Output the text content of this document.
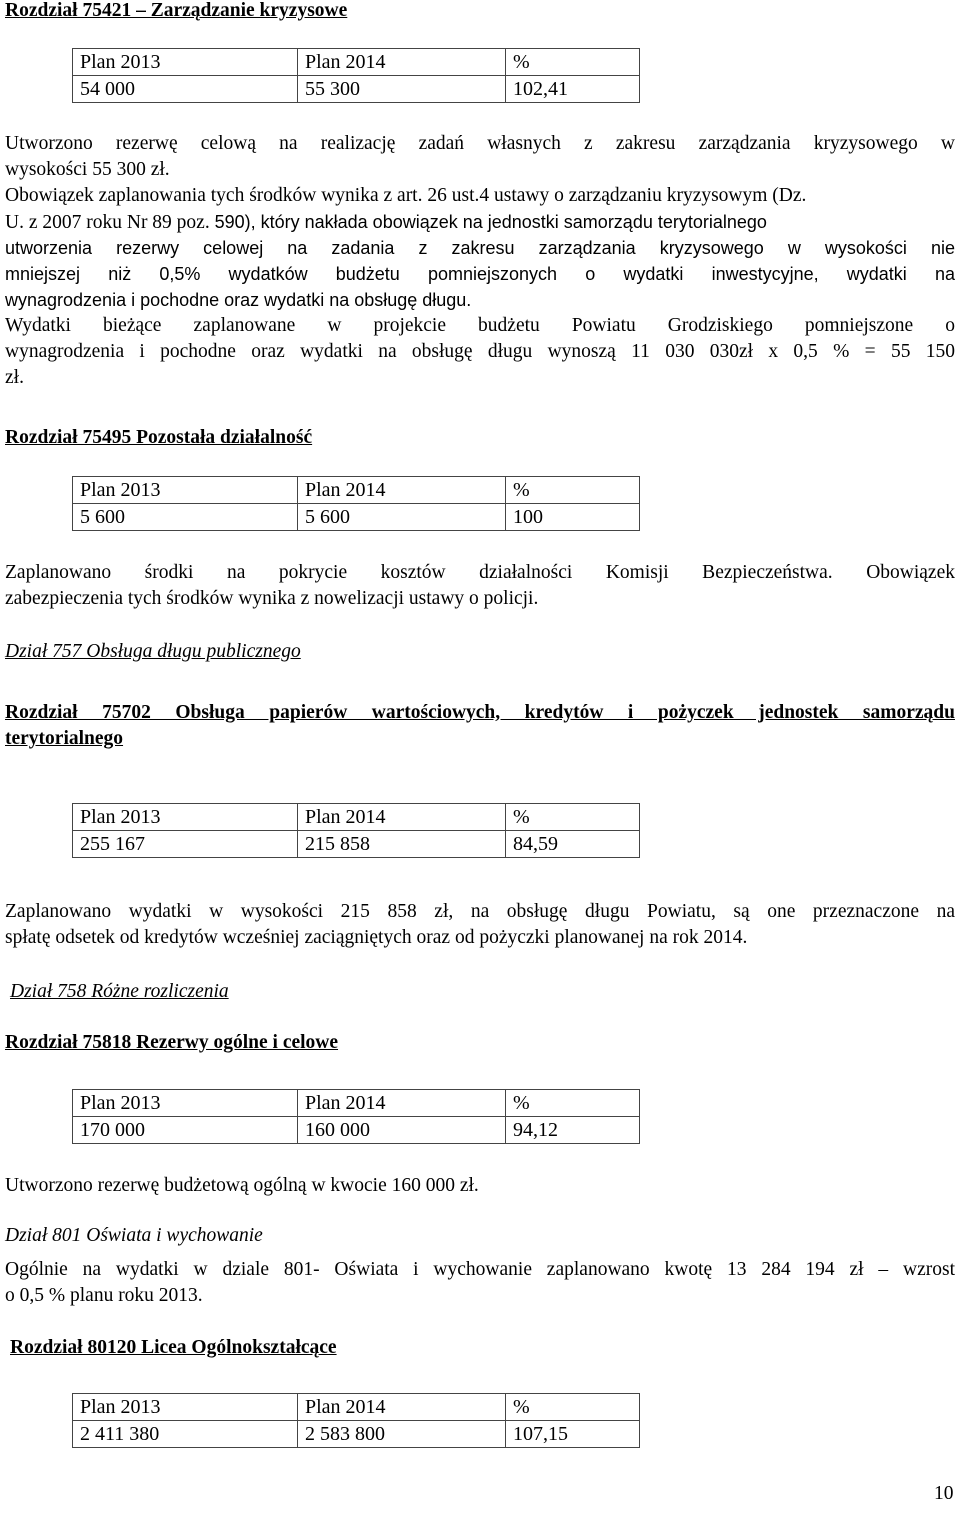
Rozdział 75421 – Zarządzanie kryzysowe
Plan 2013	Plan 2014	%
54 000	55 300	102,41
Utworzono rezerwę celową na realizację zadań własnych z zakresu zarządzania kryzysowego w
wysokości 55 300 zł.
Obowiązek zaplanowania tych środków wynika z art. 26 ust.4 ustawy o zarządzaniu kryzysowym (Dz.
U. z 2007 roku Nr 89 poz. 590), który nakłada obowiązek na jednostki samorządu terytorialnego
utworzenia rezerwy celowej na zadania z zakresu zarządzania kryzysowego w wysokości nie
mniejszej niż 0,5% wydatków budżetu pomniejszonych o wydatki inwestycyjne, wydatki na
wynagrodzenia i pochodne oraz wydatki na obsługę długu.
Wydatki bieżące zaplanowane w projekcie budżetu Powiatu Grodziskiego pomniejszone o
wynagrodzenia i pochodne oraz wydatki na obsługę długu wynoszą 11 030 030zł x 0,5 % = 55 150
zł.
Rozdział 75495 Pozostała działalność
Plan 2013	Plan 2014	%
5 600	5 600	100
Zaplanowano środki na pokrycie kosztów działalności Komisji Bezpieczeństwa. Obowiązek
zabezpieczenia tych środków wynika z nowelizacji ustawy o policji.
Dział 757 Obsługa długu publicznego
Rozdział 75702 Obsługa papierów wartościowych, kredytów i pożyczek jednostek samorządu
terytorialnego
Plan 2013	Plan 2014	%
255 167	215 858	84,59
Zaplanowano wydatki w wysokości 215 858 zł, na obsługę długu Powiatu, są one przeznaczone na
spłatę odsetek od kredytów wcześniej zaciągniętych oraz od pożyczki planowanej na rok 2014.
Dział 758 Różne rozliczenia
Rozdział 75818 Rezerwy ogólne i celowe
Plan 2013	Plan 2014	%
170 000	160 000	94,12
Utworzono rezerwę budżetową ogólną w kwocie 160 000 zł.
Dział 801 Oświata i wychowanie
Ogólnie na wydatki w dziale 801- Oświata i wychowanie zaplanowano kwotę 13 284 194 zł – wzrost
o 0,5 % planu roku 2013.
Rozdział 80120 Licea Ogólnokształcące
Plan 2013	Plan 2014	%
2 411 380	2 583 800	107,15
10
